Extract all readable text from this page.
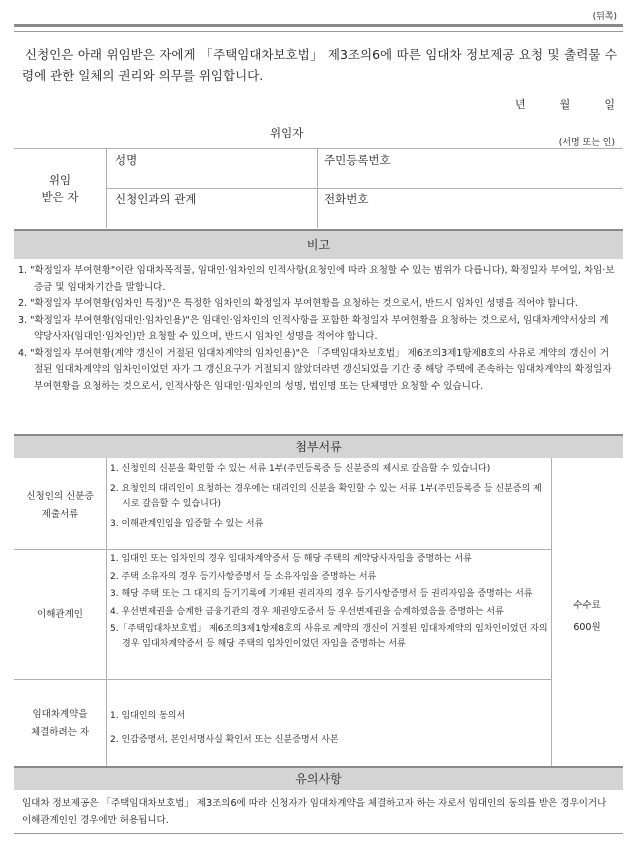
(뒤쪽)

신청인은 아래 위임받은 자에게 「주택임대차보호법」 제3조의6에 따른 임대차 정보제공 요청 및 출력물 수령에 관한 일체의 권리와 의무를 위임합니다.

년	월	일
위임자
(서명 또는 인)
위임
받은 자
성명	주민등록번호
신청인과의 관계	전화번호
비고
1. "확정일자 부여현황"이란 임대차목적물, 임대인·임차인의 인적사항(요청인에 따라 요청할 수 있는 범위가 다릅니다), 확정일자 부여일, 차임·보증금 및 임대차기간을 말합니다.
2. "확정일자 부여현황(임차인 특정)"은 특정한 임차인의 확정일자 부여현황을 요청하는 것으로서, 반드시 임차인 성명을 적어야 합니다.
3. "확정일자 부여현황(임대인·임차인용)"은 임대인·임차인의 인적사항을 포함한 확정일자 부여현황을 요청하는 것으로서, 임대차계약서상의 계약당사자(임대인·임차인)만 요청할 수 있으며, 반드시 임차인 성명을 적어야 합니다.
4. "확정일자 부여현황(계약 갱신이 거절된 임대차계약의 임차인용)"은 「주택임대차보호법」 제6조의3제1항제8호의 사유로 계약의 갱신이 거절된 임대차계약의 임차인이었던 자가 그 갱신요구가 거절되지 않았더라면 갱신되었을 기간 중 해당 주택에 존속하는 임대차계약의 확정일자 부여현황을 요청하는 것으로서, 인적사항은 임대인·임차인의 성명, 법인명 또는 단체명만 요청할 수 있습니다.
첨부서류
신청인의 신분증
제출서류
1. 신청인의 신분을 확인할 수 있는 서류 1부(주민등록증 등 신분증의 제시로 갈음할 수 있습니다)
2. 요청인의 대리인이 요청하는 경우에는 대리인의 신분을 확인할 수 있는 서류 1부(주민등록증 등 신분증의 제시로 갈음할 수 있습니다)
3. 이해관계인임을 입증할 수 있는 서류
이해관계인
1. 임대인 또는 임차인의 경우 임대차계약증서 등 해당 주택의 계약당사자임을 증명하는 서류
2. 주택 소유자의 경우 등기사항증명서 등 소유자임을 증명하는 서류
3. 해당 주택 또는 그 대지의 등기기록에 기재된 권리자의 경우 등기사항증명서 등 권리자임을 증명하는 서류
4. 우선변제권을 승계한 금융기관의 경우 채권양도증서 등 우선변제권을 승계하였음을 증명하는 서류
5.「주택임대차보호법」 제6조의3제1항제8호의 사유로 계약의 갱신이 거절된 임대차계약의 임차인이었던 자의 경우 임대차계약증서 등 해당 주택의 임차인이었던 자임을 증명하는 서류
임대차계약을
체결하려는 자
1. 임대인의 동의서
2. 인감증명서, 본인서명사실 확인서 또는 신분증명서 사본
수수료
600원
유의사항

임대차 정보제공은 「주택임대차보호법」 제3조의6에 따라 신청자가 임대차계약을 체결하고자 하는 자로서 임대인의 동의를 받은 경우이거나 이해관계인인 경우에만 허용됩니다.
